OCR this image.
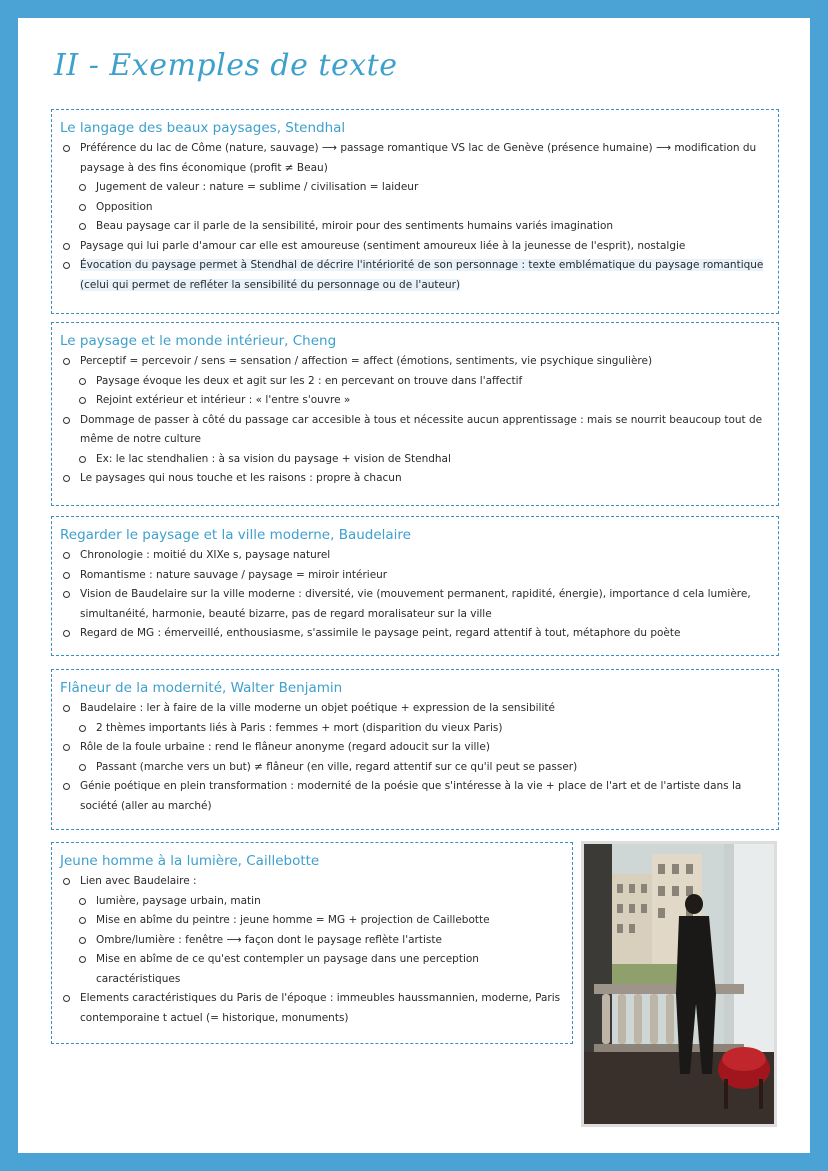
II - Exemples de texte
Le langage des beaux paysages, Stendhal
Préférence du lac de Côme (nature, sauvage) ⟶ passage romantique VS lac de Genève (présence humaine) ⟶ modification du paysage à des fins économique (profit ≠ Beau)
Jugement de valeur : nature = sublime / civilisation = laideur
Opposition
Beau paysage car il parle de la sensibilité, miroir pour des sentiments humains variés imagination
Paysage qui lui parle d'amour car elle est amoureuse (sentiment amoureux liée à la jeunesse de l'esprit), nostalgie
Évocation du paysage permet à Stendhal de décrire l'intériorité de son personnage : texte emblématique du paysage romantique (celui qui permet de refléter la sensibilité du personnage ou de l'auteur)
Le paysage et le monde intérieur, Cheng
Perceptif = percevoir / sens = sensation / affection = affect (émotions, sentiments, vie psychique singulière)
Paysage évoque les deux et agit sur les 2 : en percevant on trouve dans l'affectif
Rejoint extérieur et intérieur : « l'entre s'ouvre »
Dommage de passer à côté du passage car accesible à tous et nécessite aucun apprentissage : mais se nourrit beaucoup tout de même de notre culture
Ex: le lac stendhalien : à sa vision du paysage + vision de Stendhal
Le paysages qui nous touche et les raisons : propre à chacun
Regarder le paysage et la ville moderne, Baudelaire
Chronologie : moitié du XIXe s, paysage naturel
Romantisme : nature sauvage / paysage = miroir intérieur
Vision de Baudelaire sur la ville moderne : diversité, vie (mouvement permanent, rapidité, énergie), importance d cela lumière, simultanéité, harmonie, beauté bizarre, pas de regard moralisateur sur la ville
Regard de MG : émerveillé, enthousiasme, s'assimile le paysage peint, regard attentif à tout, métaphore du poète
Flâneur de la modernité, Walter Benjamin
Baudelaire : ler à faire de la ville moderne un objet poétique + expression de la sensibilité
2 thèmes importants liés à Paris : femmes + mort (disparition du vieux Paris)
Rôle de la foule urbaine : rend le flâneur anonyme (regard adoucit sur la ville)
Passant (marche vers un but) ≠ flâneur (en ville, regard attentif sur ce qu'il peut se passer)
Génie poétique en plein transformation : modernité de la poésie que s'intéresse à la vie + place de l'art et de l'artiste dans la société (aller au marché)
Jeune homme à la lumière, Caillebotte
Lien avec Baudelaire :
lumière, paysage urbain, matin
Mise en abîme du peintre : jeune homme = MG + projection de Caillebotte
Ombre/lumière : fenêtre ⟶ façon dont le paysage reflète l'artiste
Mise en abîme de ce qu'est contempler un paysage dans une perception caractéristiques
Elements caractéristiques du Paris de l'époque : immeubles haussmannien, moderne, Paris contemporaine t actuel (= historique, monuments)
